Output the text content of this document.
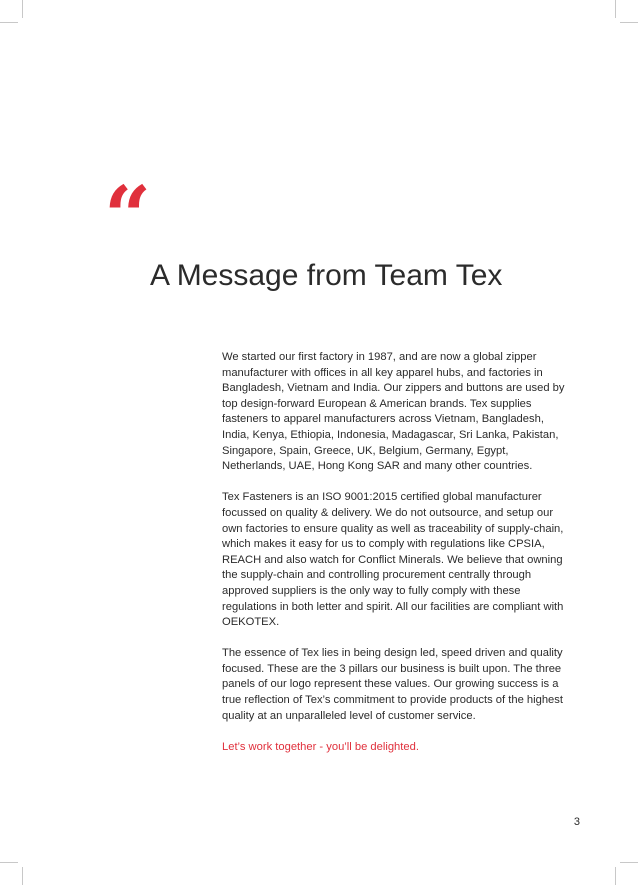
“
A Message from Team Tex

We started our first factory in 1987, and are now a global zipper manufacturer with offices in all key apparel hubs, and factories in Bangladesh, Vietnam and India. Our zippers and buttons are used by top design-forward European & American brands. Tex supplies fasteners to apparel manufacturers across Vietnam, Bangladesh, India, Kenya, Ethiopia, Indonesia, Madagascar, Sri Lanka, Pakistan, Singapore, Spain, Greece, UK, Belgium, Germany, Egypt, Netherlands, UAE, Hong Kong SAR and many other countries.

Tex Fasteners is an ISO 9001:2015 certified global manufacturer focussed on quality & delivery. We do not outsource, and setup our own factories to ensure quality as well as traceability of supply-chain, which makes it easy for us to comply with regulations like CPSIA, REACH and also watch for Conflict Minerals. We believe that owning the supply-chain and controlling procurement centrally through approved suppliers is the only way to fully comply with these regulations in both letter and spirit. All our facilities are compliant with OEKOTEX.

The essence of Tex lies in being design led, speed driven and quality focused. These are the 3 pillars our business is built upon. The three panels of our logo represent these values. Our growing success is a true reflection of Tex’s commitment to provide products of the highest quality at an unparalleled level of customer service.

Let’s work together - you’ll be delighted.

3
